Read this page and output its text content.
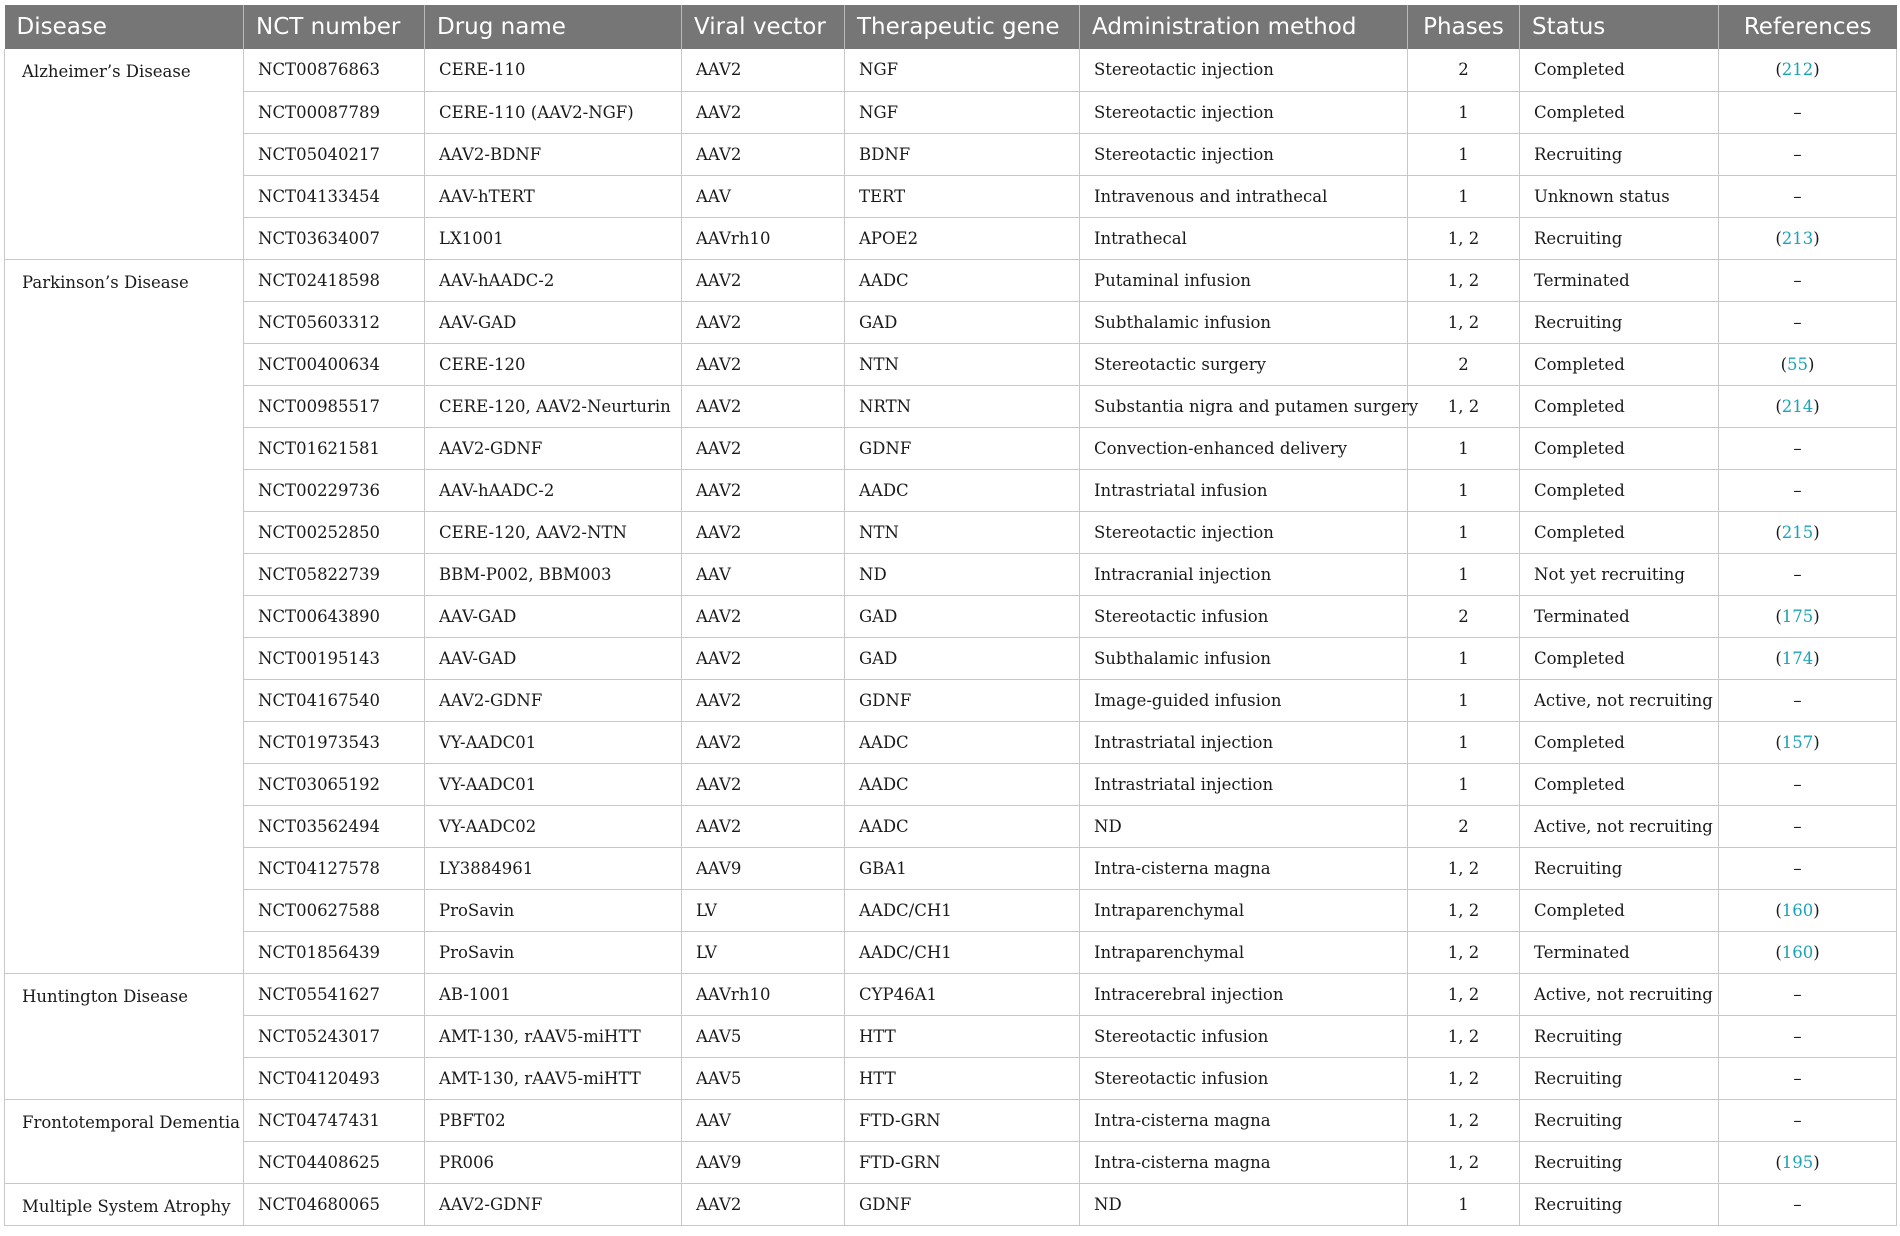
Disease	NCT number	Drug name	Viral vector	Therapeutic gene	Administration method	Phases	Status	References
Alzheimer’s Disease	NCT00876863	CERE-110	AAV2	NGF	Stereotactic injection	2	Completed	(212)
	NCT00087789	CERE-110 (AAV2-NGF)	AAV2	NGF	Stereotactic injection	1	Completed	–
	NCT05040217	AAV2-BDNF	AAV2	BDNF	Stereotactic injection	1	Recruiting	–
	NCT04133454	AAV-hTERT	AAV	TERT	Intravenous and intrathecal	1	Unknown status	–
	NCT03634007	LX1001	AAVrh10	APOE2	Intrathecal	1, 2	Recruiting	(213)
Parkinson’s Disease	NCT02418598	AAV-hAADC-2	AAV2	AADC	Putaminal infusion	1, 2	Terminated	–
	NCT05603312	AAV-GAD	AAV2	GAD	Subthalamic infusion	1, 2	Recruiting	–
	NCT00400634	CERE-120	AAV2	NTN	Stereotactic surgery	2	Completed	(55)
	NCT00985517	CERE-120, AAV2-Neurturin	AAV2	NRTN	Substantia nigra and putamen surgery	1, 2	Completed	(214)
	NCT01621581	AAV2-GDNF	AAV2	GDNF	Convection-enhanced delivery	1	Completed	–
	NCT00229736	AAV-hAADC-2	AAV2	AADC	Intrastriatal infusion	1	Completed	–
	NCT00252850	CERE-120, AAV2-NTN	AAV2	NTN	Stereotactic injection	1	Completed	(215)
	NCT05822739	BBM-P002, BBM003	AAV	ND	Intracranial injection	1	Not yet recruiting	–
	NCT00643890	AAV-GAD	AAV2	GAD	Stereotactic infusion	2	Terminated	(175)
	NCT00195143	AAV-GAD	AAV2	GAD	Subthalamic infusion	1	Completed	(174)
	NCT04167540	AAV2-GDNF	AAV2	GDNF	Image-guided infusion	1	Active, not recruiting	–
	NCT01973543	VY-AADC01	AAV2	AADC	Intrastriatal injection	1	Completed	(157)
	NCT03065192	VY-AADC01	AAV2	AADC	Intrastriatal injection	1	Completed	–
	NCT03562494	VY-AADC02	AAV2	AADC	ND	2	Active, not recruiting	–
	NCT04127578	LY3884961	AAV9	GBA1	Intra-cisterna magna	1, 2	Recruiting	–
	NCT00627588	ProSavin	LV	AADC/CH1	Intraparenchymal	1, 2	Completed	(160)
	NCT01856439	ProSavin	LV	AADC/CH1	Intraparenchymal	1, 2	Terminated	(160)
Huntington Disease	NCT05541627	AB-1001	AAVrh10	CYP46A1	Intracerebral injection	1, 2	Active, not recruiting	–
	NCT05243017	AMT-130, rAAV5-miHTT	AAV5	HTT	Stereotactic infusion	1, 2	Recruiting	–
	NCT04120493	AMT-130, rAAV5-miHTT	AAV5	HTT	Stereotactic infusion	1, 2	Recruiting	–
Frontotemporal Dementia	NCT04747431	PBFT02	AAV	FTD-GRN	Intra-cisterna magna	1, 2	Recruiting	–
	NCT04408625	PR006	AAV9	FTD-GRN	Intra-cisterna magna	1, 2	Recruiting	(195)
Multiple System Atrophy	NCT04680065	AAV2-GDNF	AAV2	GDNF	ND	1	Recruiting	–
